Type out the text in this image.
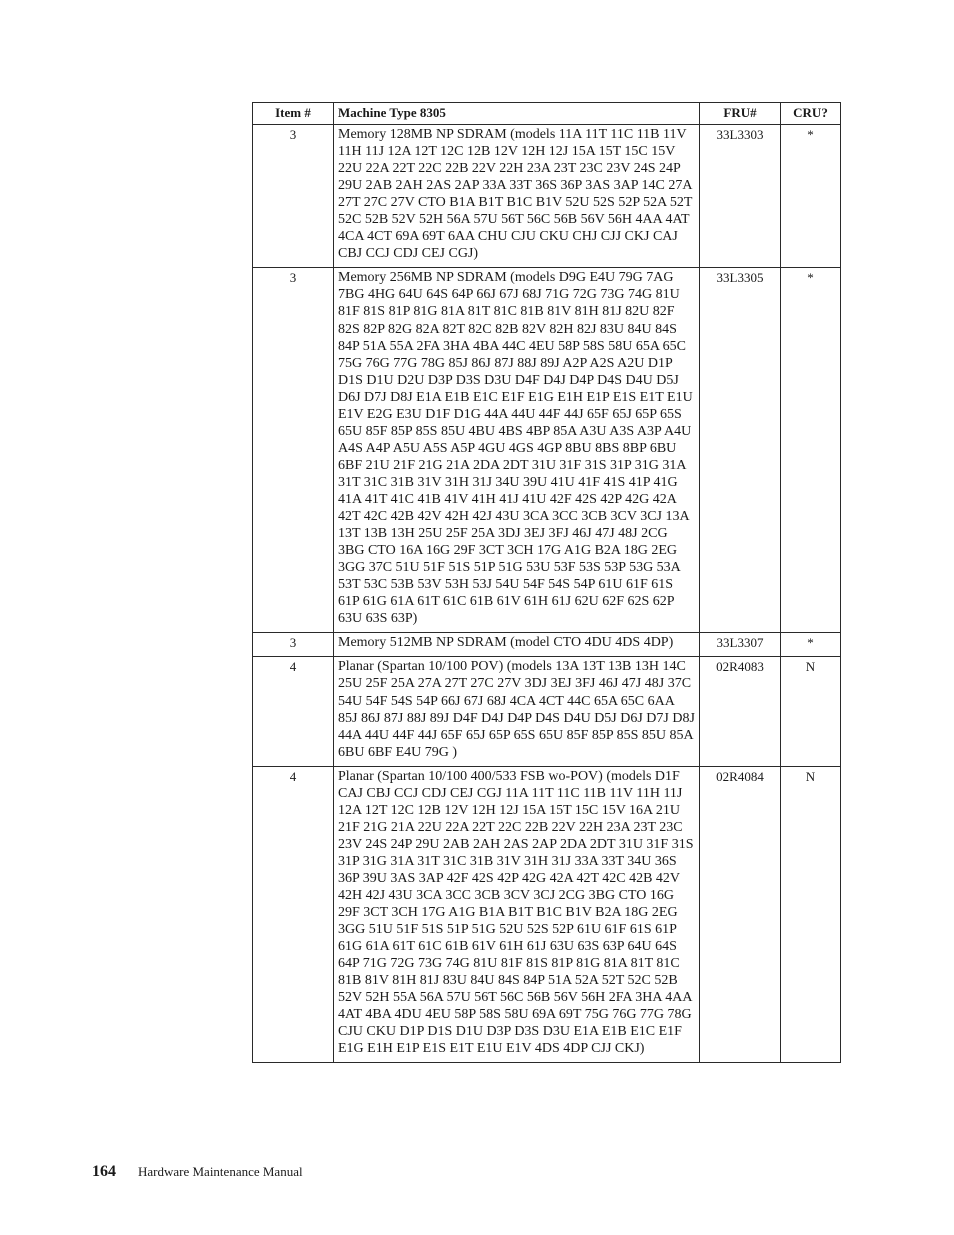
Item #	Machine Type 8305	FRU#	CRU?
3	Memory 128MB NP SDRAM (models 11A 11T 11C 11B 11V 11H 11J 12A 12T 12C 12B 12V 12H 12J 15A 15T 15C 15V 22U 22A 22T 22C 22B 22V 22H 23A 23T 23C 23V 24S 24P 29U 2AB 2AH 2AS 2AP 33A 33T 36S 36P 3AS 3AP 14C 27A 27T 27C 27V CTO B1A B1T B1C B1V 52U 52S 52P 52A 52T 52C 52B 52V 52H 56A 57U 56T 56C 56B 56V 56H 4AA 4AT 4CA 4CT 69A 69T 6AA CHU CJU CKU CHJ CJJ CKJ CAJ CBJ CCJ CDJ CEJ CGJ)	33L3303	*
3	Memory 256MB NP SDRAM (models D9G E4U 79G 7AG 7BG 4HG 64U 64S 64P 66J 67J 68J 71G 72G 73G 74G 81U 81F 81S 81P 81G 81A 81T 81C 81B 81V 81H 81J 82U 82F 82S 82P 82G 82A 82T 82C 82B 82V 82H 82J 83U 84U 84S 84P 51A 55A 2FA 3HA 4BA 44C 4EU 58P 58S 58U 65A 65C 75G 76G 77G 78G 85J 86J 87J 88J 89J A2P A2S A2U D1P D1S D1U D2U D3P D3S D3U D4F D4J D4P D4S D4U D5J D6J D7J D8J E1A E1B E1C E1F E1G E1H E1P E1S E1T E1U E1V E2G E3U D1F D1G 44A 44U 44F 44J 65F 65J 65P 65S 65U 85F 85P 85S 85U 4BU 4BS 4BP 85A A3U A3S A3P A4U A4S A4P A5U A5S A5P 4GU 4GS 4GP 8BU 8BS 8BP 6BU 6BF 21U 21F 21G 21A 2DA 2DT 31U 31F 31S 31P 31G 31A 31T 31C 31B 31V 31H 31J 34U 39U 41U 41F 41S 41P 41G 41A 41T 41C 41B 41V 41H 41J 41U 42F 42S 42P 42G 42A 42T 42C 42B 42V 42H 42J 43U 3CA 3CC 3CB 3CV 3CJ 13A 13T 13B 13H 25U 25F 25A 3DJ 3EJ 3FJ 46J 47J 48J 2CG 3BG CTO 16A 16G 29F 3CT 3CH 17G A1G B2A 18G 2EG 3GG 37C 51U 51F 51S 51P 51G 53U 53F 53S 53P 53G 53A 53T 53C 53B 53V 53H 53J 54U 54F 54S 54P 61U 61F 61S 61P 61G 61A 61T 61C 61B 61V 61H 61J 62U 62F 62S 62P 63U 63S 63P)	33L3305	*
3	Memory 512MB NP SDRAM (model CTO 4DU 4DS 4DP)	33L3307	*
4	Planar (Spartan 10/100 POV) (models 13A 13T 13B 13H 14C 25U 25F 25A 27A 27T 27C 27V 3DJ 3EJ 3FJ 46J 47J 48J 37C 54U 54F 54S 54P 66J 67J 68J 4CA 4CT 44C 65A 65C 6AA 85J 86J 87J 88J 89J D4F D4J D4P D4S D4U D5J D6J D7J D8J 44A 44U 44F 44J 65F 65J 65P 65S 65U 85F 85P 85S 85U 85A 6BU 6BF E4U 79G )	02R4083	N
4	Planar (Spartan 10/100 400/533 FSB wo-POV) (models D1F CAJ CBJ CCJ CDJ CEJ CGJ 11A 11T 11C 11B 11V 11H 11J 12A 12T 12C 12B 12V 12H 12J 15A 15T 15C 15V 16A 21U 21F 21G 21A 22U 22A 22T 22C 22B 22V 22H 23A 23T 23C 23V 24S 24P 29U 2AB 2AH 2AS 2AP 2DA 2DT 31U 31F 31S 31P 31G 31A 31T 31C 31B 31V 31H 31J 33A 33T 34U 36S 36P 39U 3AS 3AP 42F 42S 42P 42G 42A 42T 42C 42B 42V 42H 42J 43U 3CA 3CC 3CB 3CV 3CJ 2CG 3BG CTO 16G 29F 3CT 3CH 17G A1G B1A B1T B1C B1V B2A 18G 2EG 3GG 51U 51F 51S 51P 51G 52U 52S 52P 61U 61F 61S 61P 61G 61A 61T 61C 61B 61V 61H 61J 63U 63S 63P 64U 64S 64P 71G 72G 73G 74G 81U 81F 81S 81P 81G 81A 81T 81C 81B 81V 81H 81J 83U 84U 84S 84P 51A 52A 52T 52C 52B 52V 52H 55A 56A 57U 56T 56C 56B 56V 56H 2FA 3HA 4AA 4AT 4BA 4DU 4EU 58P 58S 58U 69A 69T 75G 76G 77G 78G CJU CKU D1P D1S D1U D3P D3S D3U E1A E1B E1C E1F E1G E1H E1P E1S E1T E1U E1V 4DS 4DP CJJ CKJ)	02R4084	N
164	Hardware Maintenance Manual
